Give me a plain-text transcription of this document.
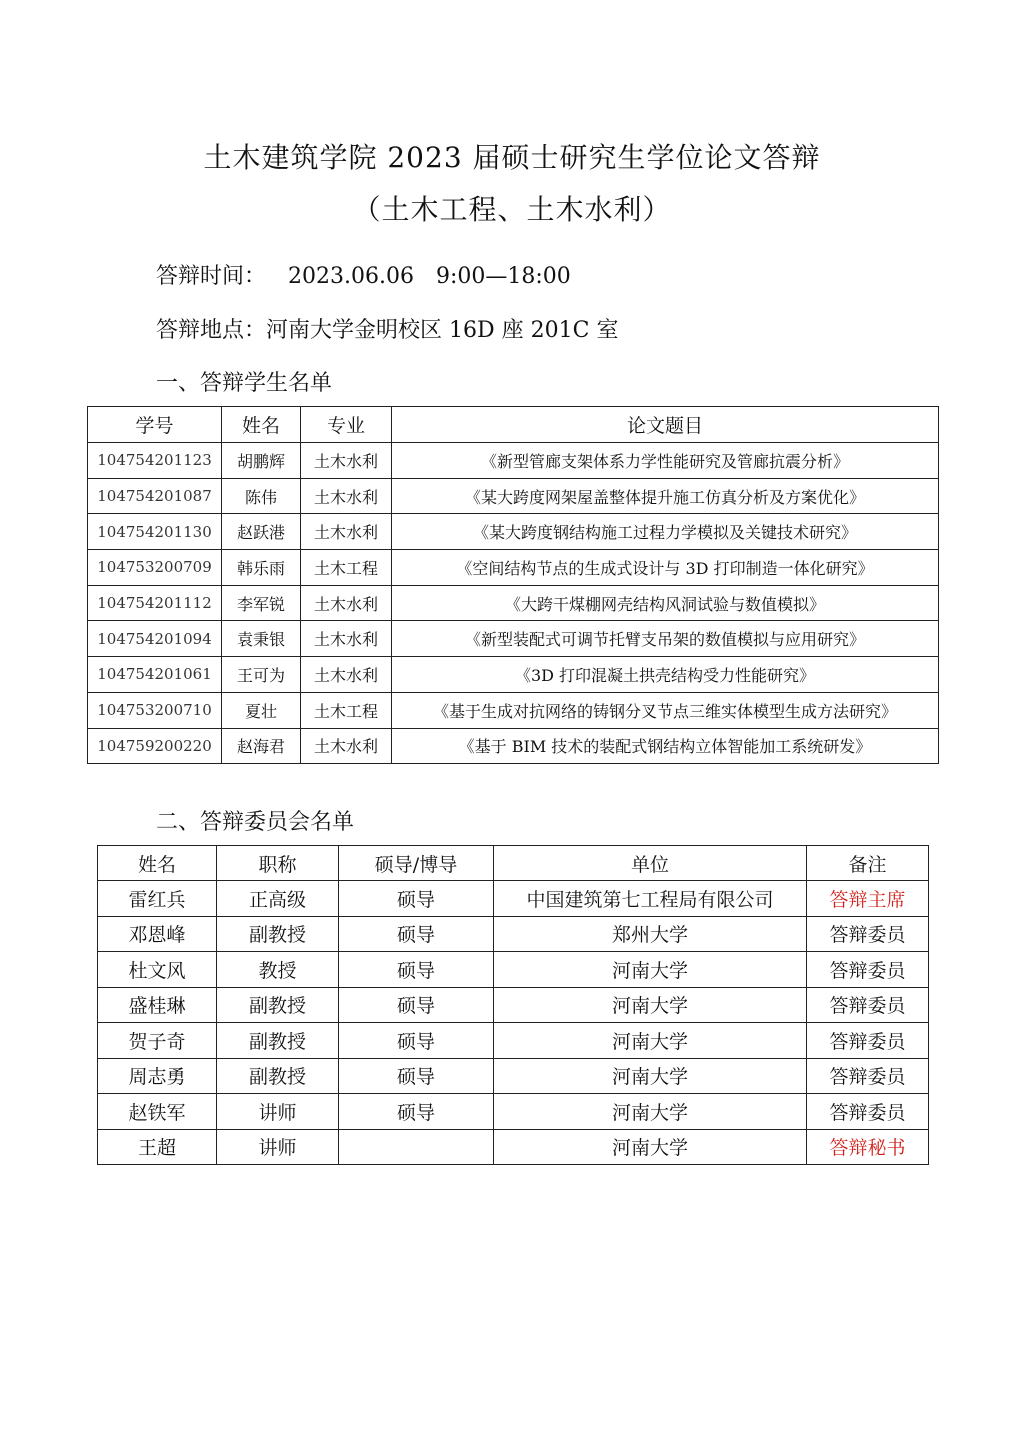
土木建筑学院 2023 届硕士研究生学位论文答辩
（土木工程、土木水利）
答辩时间： 2023.06.06 9:00—18:00
答辩地点：河南大学金明校区 16D 座 201C 室
一、答辩学生名单
学号	姓名	专业	论文题目
104754201123	胡鹏辉	土木水利	《新型管廊支架体系力学性能研究及管廊抗震分析》
104754201087	陈伟	土木水利	《某大跨度网架屋盖整体提升施工仿真分析及方案优化》
104754201130	赵跃港	土木水利	《某大跨度钢结构施工过程力学模拟及关键技术研究》
104753200709	韩乐雨	土木工程	《空间结构节点的生成式设计与 3D 打印制造一体化研究》
104754201112	李军锐	土木水利	《大跨干煤棚网壳结构风洞试验与数值模拟》
104754201094	袁秉银	土木水利	《新型装配式可调节托臂支吊架的数值模拟与应用研究》
104754201061	王可为	土木水利	《3D 打印混凝土拱壳结构受力性能研究》
104753200710	夏壮	土木工程	《基于生成对抗网络的铸钢分叉节点三维实体模型生成方法研究》
104759200220	赵海君	土木水利	《基于 BIM 技术的装配式钢结构立体智能加工系统研发》
二、答辩委员会名单
姓名	职称	硕导/博导	单位	备注
雷红兵	正高级	硕导	中国建筑第七工程局有限公司	答辩主席
邓恩峰	副教授	硕导	郑州大学	答辩委员
杜文风	教授	硕导	河南大学	答辩委员
盛桂琳	副教授	硕导	河南大学	答辩委员
贺子奇	副教授	硕导	河南大学	答辩委员
周志勇	副教授	硕导	河南大学	答辩委员
赵铁军	讲师	硕导	河南大学	答辩委员
王超	讲师		河南大学	答辩秘书
